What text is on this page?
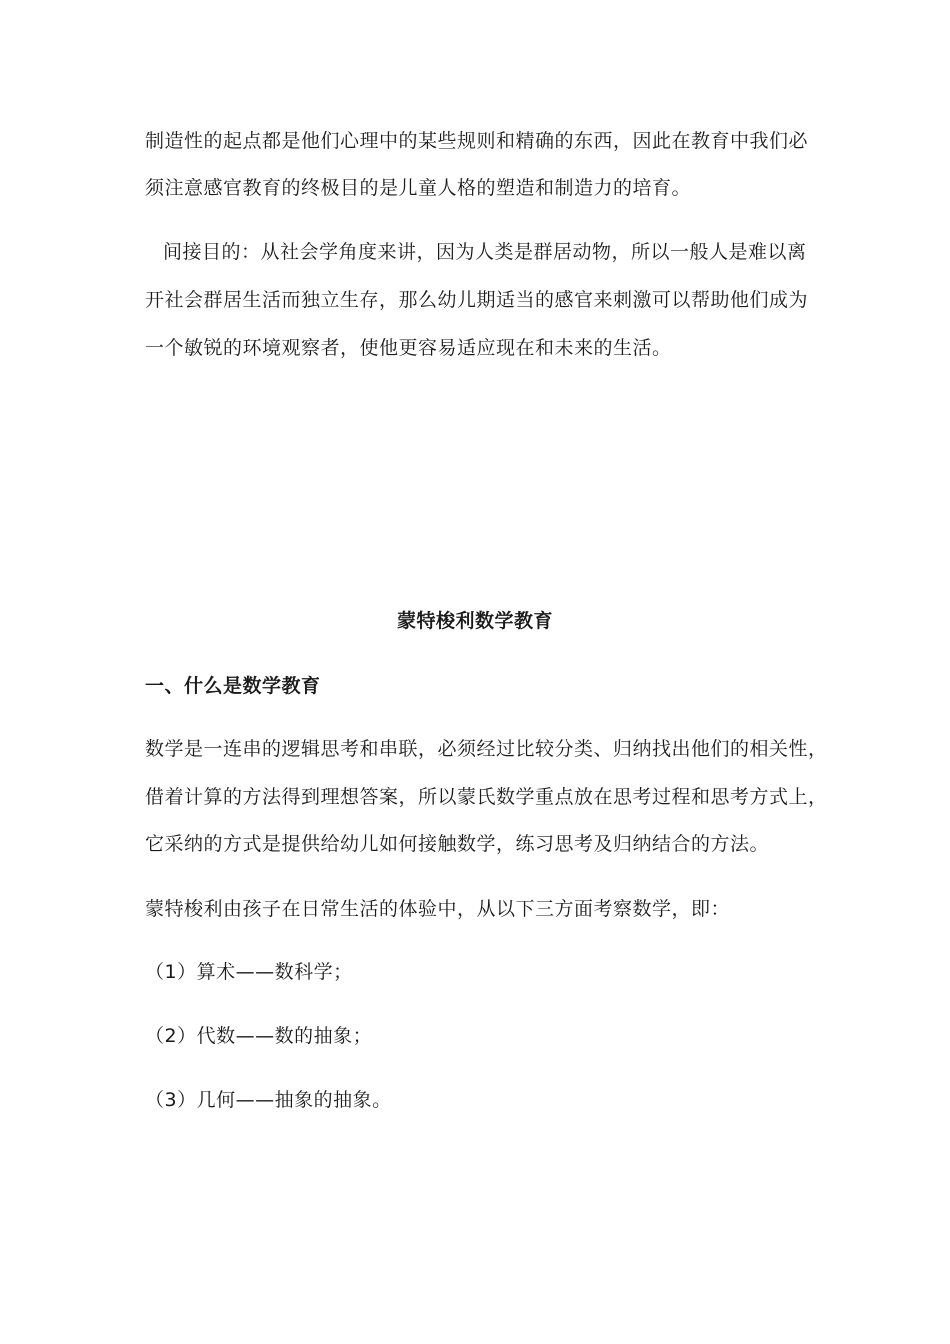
制造性的起点都是他们心理中的某些规则和精确的东西，因此在教育中我们必
须注意感官教育的终极目的是儿童人格的塑造和制造力的培育。
间接目的：从社会学角度来讲，因为人类是群居动物，所以一般人是难以离
开社会群居生活而独立生存，那么幼儿期适当的感官来刺激可以帮助他们成为
一个敏锐的环境观察者，使他更容易适应现在和未来的生活。
蒙特梭利数学教育
一、什么是数学教育
数学是一连串的逻辑思考和串联，必须经过比较分类、归纳找出他们的相关性，
借着计算的方法得到理想答案，所以蒙氏数学重点放在思考过程和思考方式上，
它采纳的方式是提供给幼儿如何接触数学，练习思考及归纳结合的方法。
蒙特梭利由孩子在日常生活的体验中，从以下三方面考察数学，即：
（1）算术——数科学；
（2）代数——数的抽象；
（3）几何——抽象的抽象。
